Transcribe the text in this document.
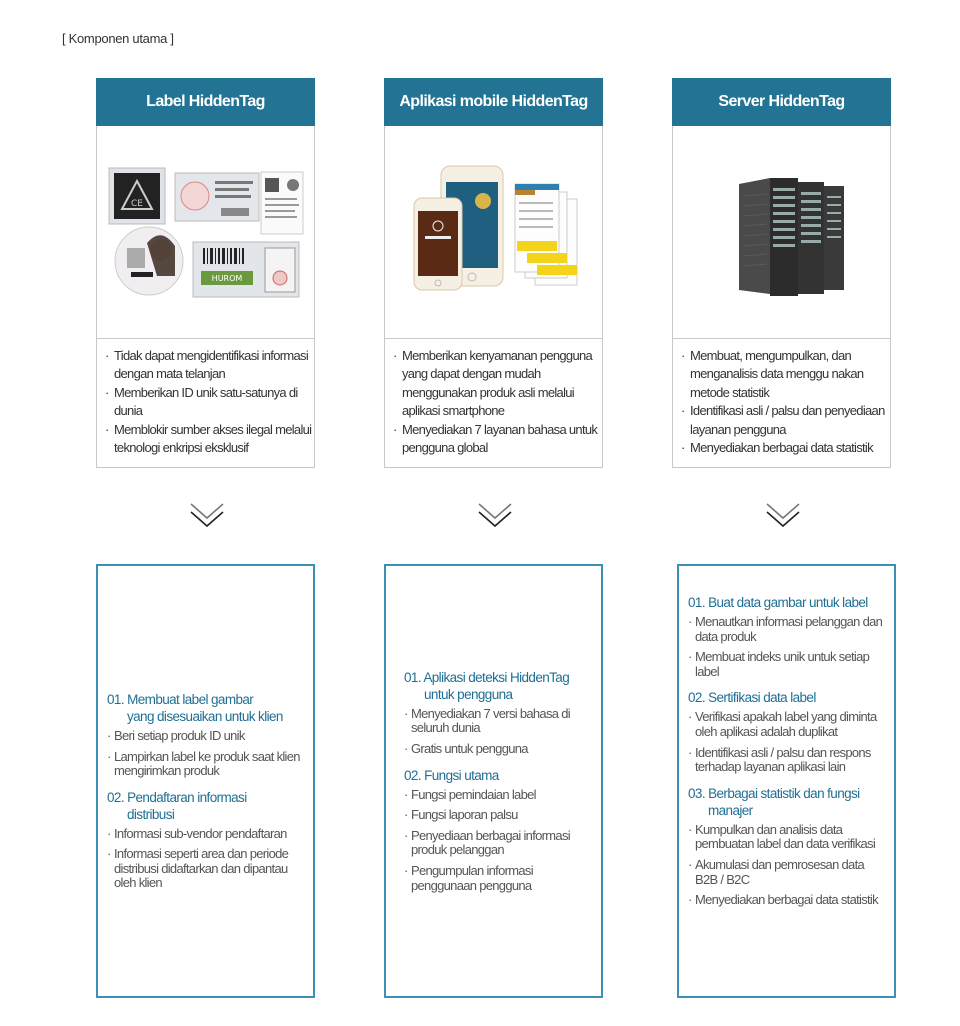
[ Komponen utama ]
Label HiddenTag
CE
HUROM
· Tidak dapat mengidentifikasi informasi dengan mata telanjan
· Memberikan ID unik satu-satunya di dunia
· Memblokir sumber akses ilegal melalui teknologi enkripsi eksklusif
Aplikasi mobile HiddenTag
· Memberikan kenyamanan pengguna yang dapat dengan mudah menggunakan produk asli melalui aplikasi smartphone
· Menyediakan 7 layanan bahasa untuk pengguna global
Server HiddenTag
· Membuat, mengumpulkan, dan menganalisis data menggu nakan metode statistik
· Identifikasi asli / palsu dan penyediaan layanan pengguna
· Menyediakan berbagai data statistik
01. Membuat label gambar
yang disesuaikan untuk klien
· Beri setiap produk ID unik
· Lampirkan label ke produk saat klien mengirimkan produk
02. Pendaftaran informasi
distribusi
· Informasi sub-vendor pendaftaran
· Informasi seperti area dan periode distribusi didaftarkan dan dipantau oleh klien
01. Aplikasi deteksi HiddenTag
untuk pengguna
· Menyediakan 7 versi bahasa di seluruh dunia
· Gratis untuk pengguna
02. Fungsi utama
· Fungsi pemindaian label
· Fungsi laporan palsu
· Penyediaan berbagai informasi produk pelanggan
· Pengumpulan informasi penggunaan pengguna
01. Buat data gambar untuk label
· Menautkan informasi pelanggan dan data produk
· Membuat indeks unik untuk setiap label
02. Sertifikasi data label
· Verifikasi apakah label yang diminta oleh aplikasi adalah duplikat
· Identifikasi asli / palsu dan respons terhadap layanan aplikasi lain
03. Berbagai statistik dan fungsi
manajer
· Kumpulkan dan analisis data pembuatan label dan data verifikasi
· Akumulasi dan pemrosesan data B2B / B2C
· Menyediakan berbagai data statistik
